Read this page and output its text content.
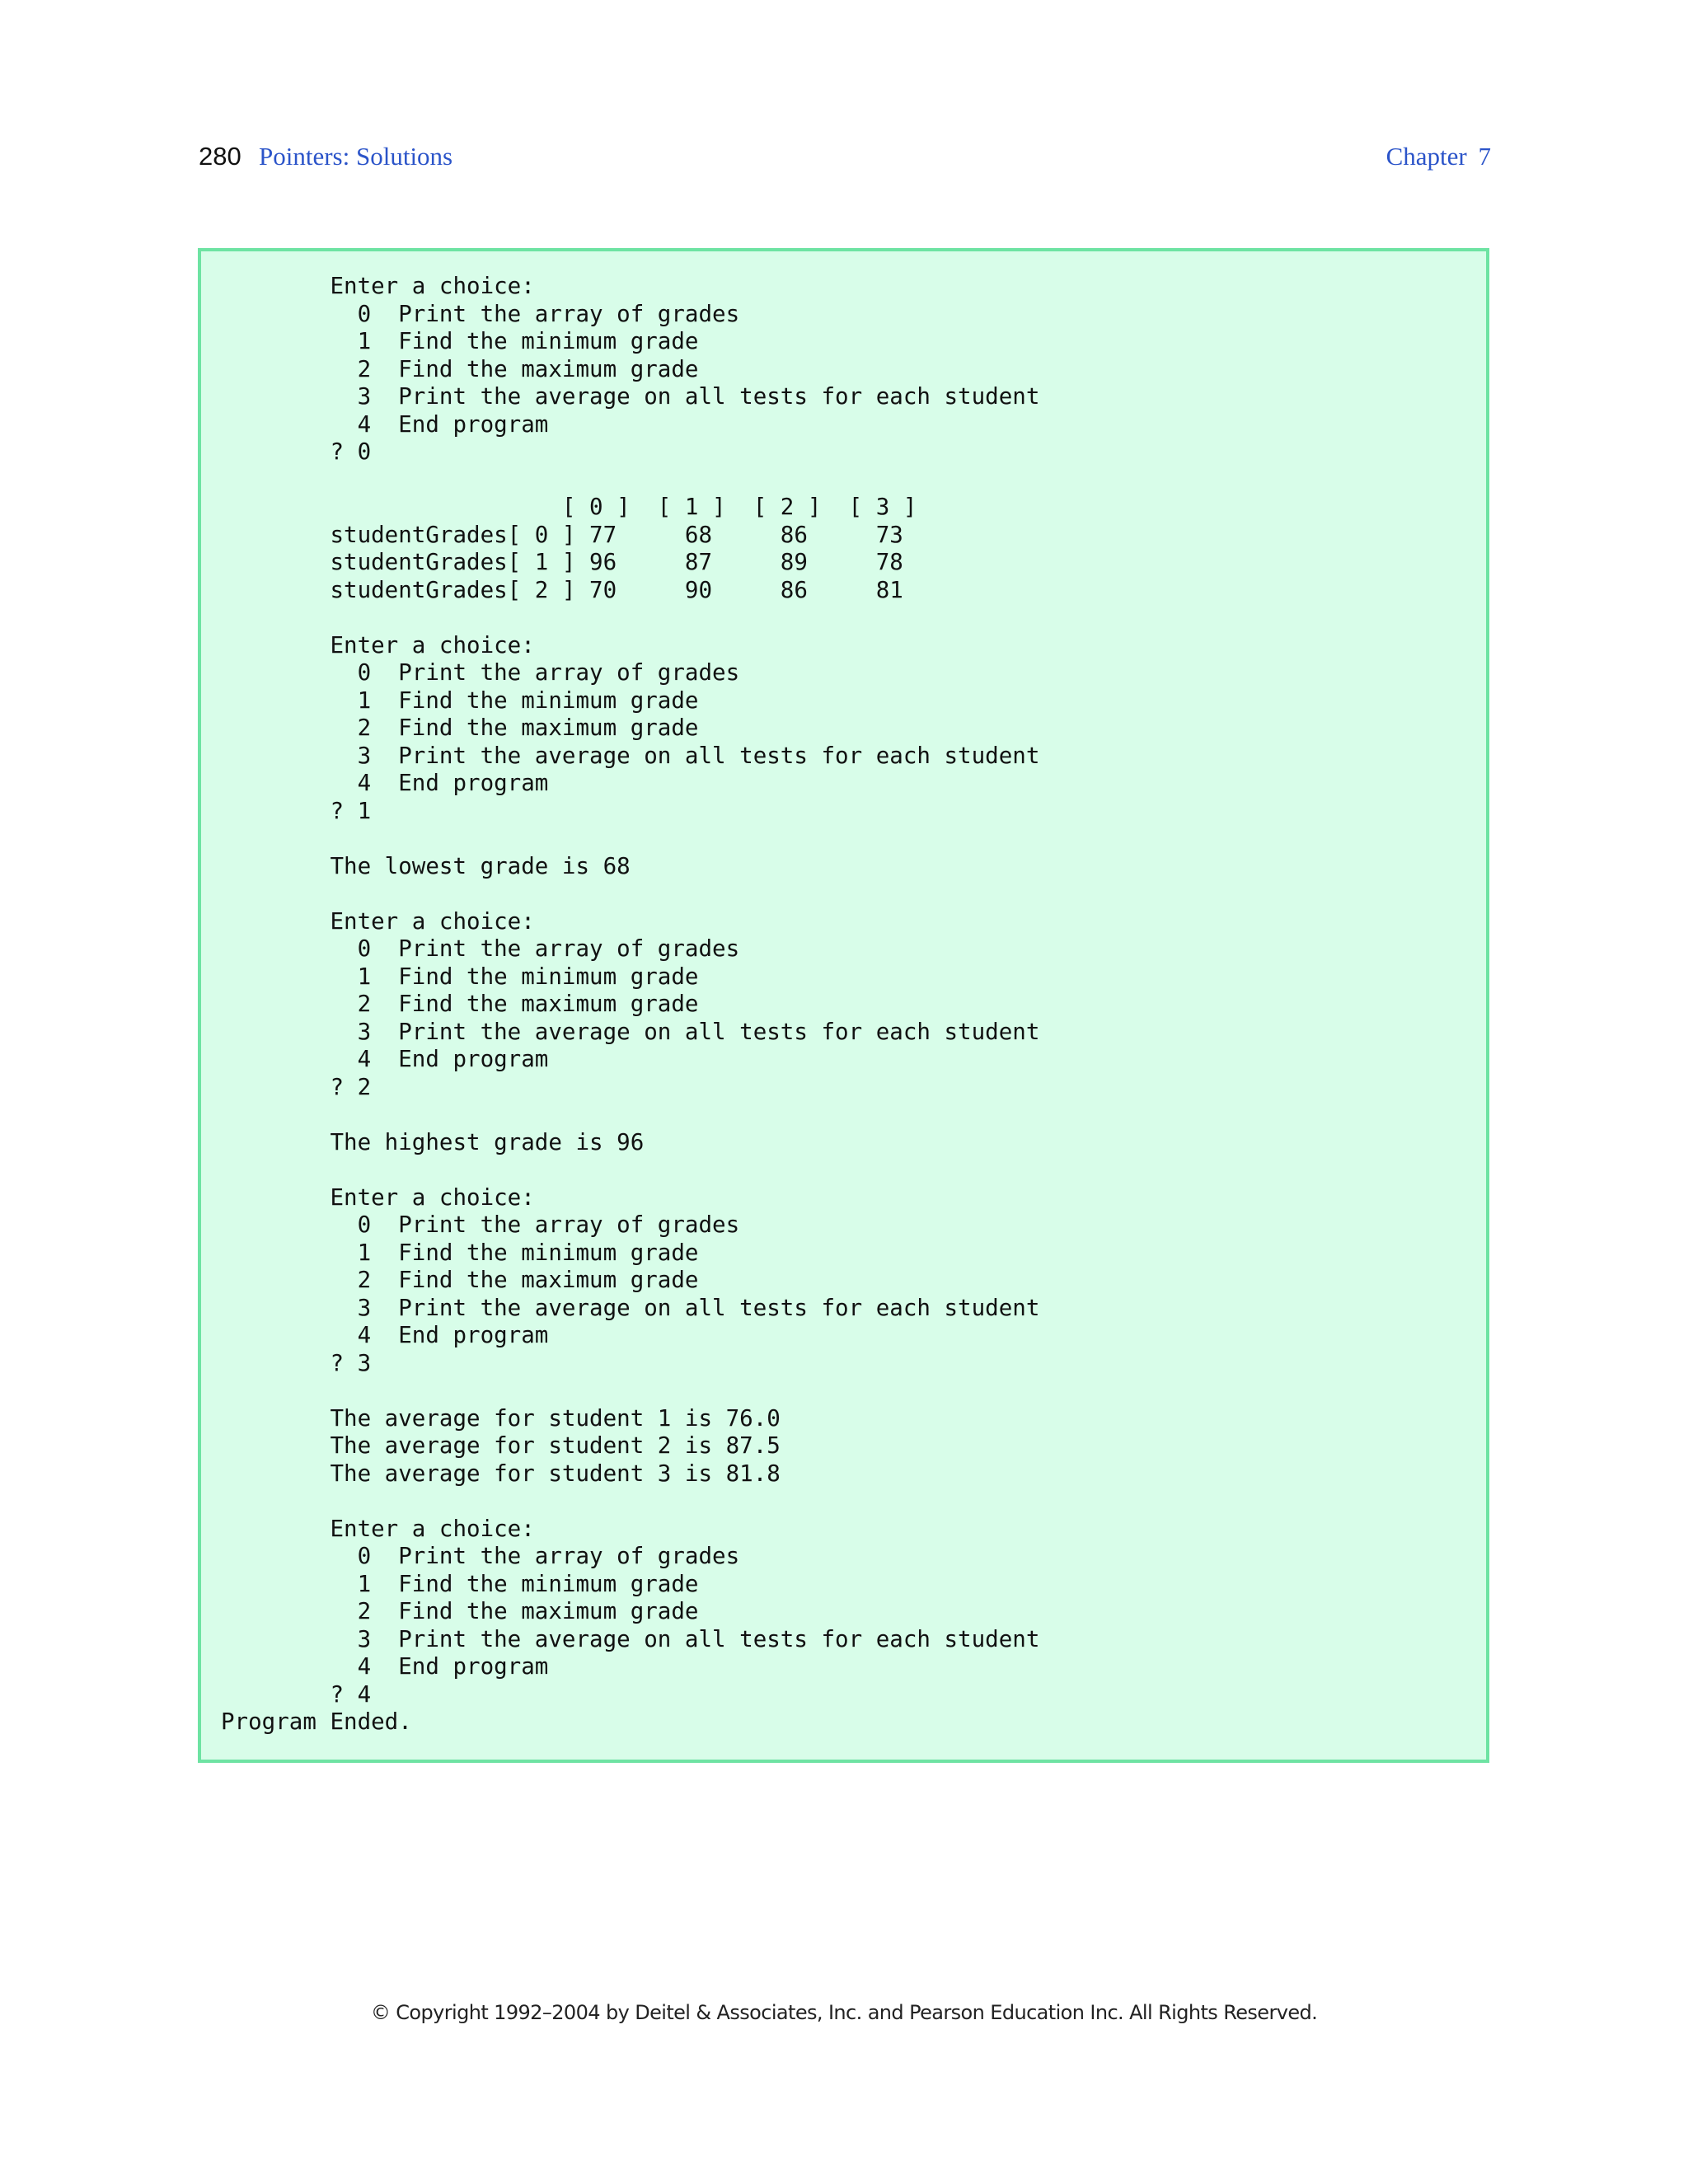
280 Pointers: Solutions	Chapter 7
Enter a choice:
0  Print the array of grades
1  Find the minimum grade
2  Find the maximum grade
3  Print the average on all tests for each student
4  End program
? 0

[ 0 ]  [ 1 ]  [ 2 ]  [ 3 ]
studentGrades[ 0 ] 77     68     86     73
studentGrades[ 1 ] 96     87     89     78
studentGrades[ 2 ] 70     90     86     81

Enter a choice:
0  Print the array of grades
1  Find the minimum grade
2  Find the maximum grade
3  Print the average on all tests for each student
4  End program
? 1

The lowest grade is 68

Enter a choice:
0  Print the array of grades
1  Find the minimum grade
2  Find the maximum grade
3  Print the average on all tests for each student
4  End program
? 2

The highest grade is 96

Enter a choice:
0  Print the array of grades
1  Find the minimum grade
2  Find the maximum grade
3  Print the average on all tests for each student
4  End program
? 3

The average for student 1 is 76.0
The average for student 2 is 87.5
The average for student 3 is 81.8

Enter a choice:
0  Print the array of grades
1  Find the minimum grade
2  Find the maximum grade
3  Print the average on all tests for each student
4  End program
? 4
Program Ended.
© Copyright 1992–2004 by Deitel & Associates, Inc. and Pearson Education Inc. All Rights Reserved.
